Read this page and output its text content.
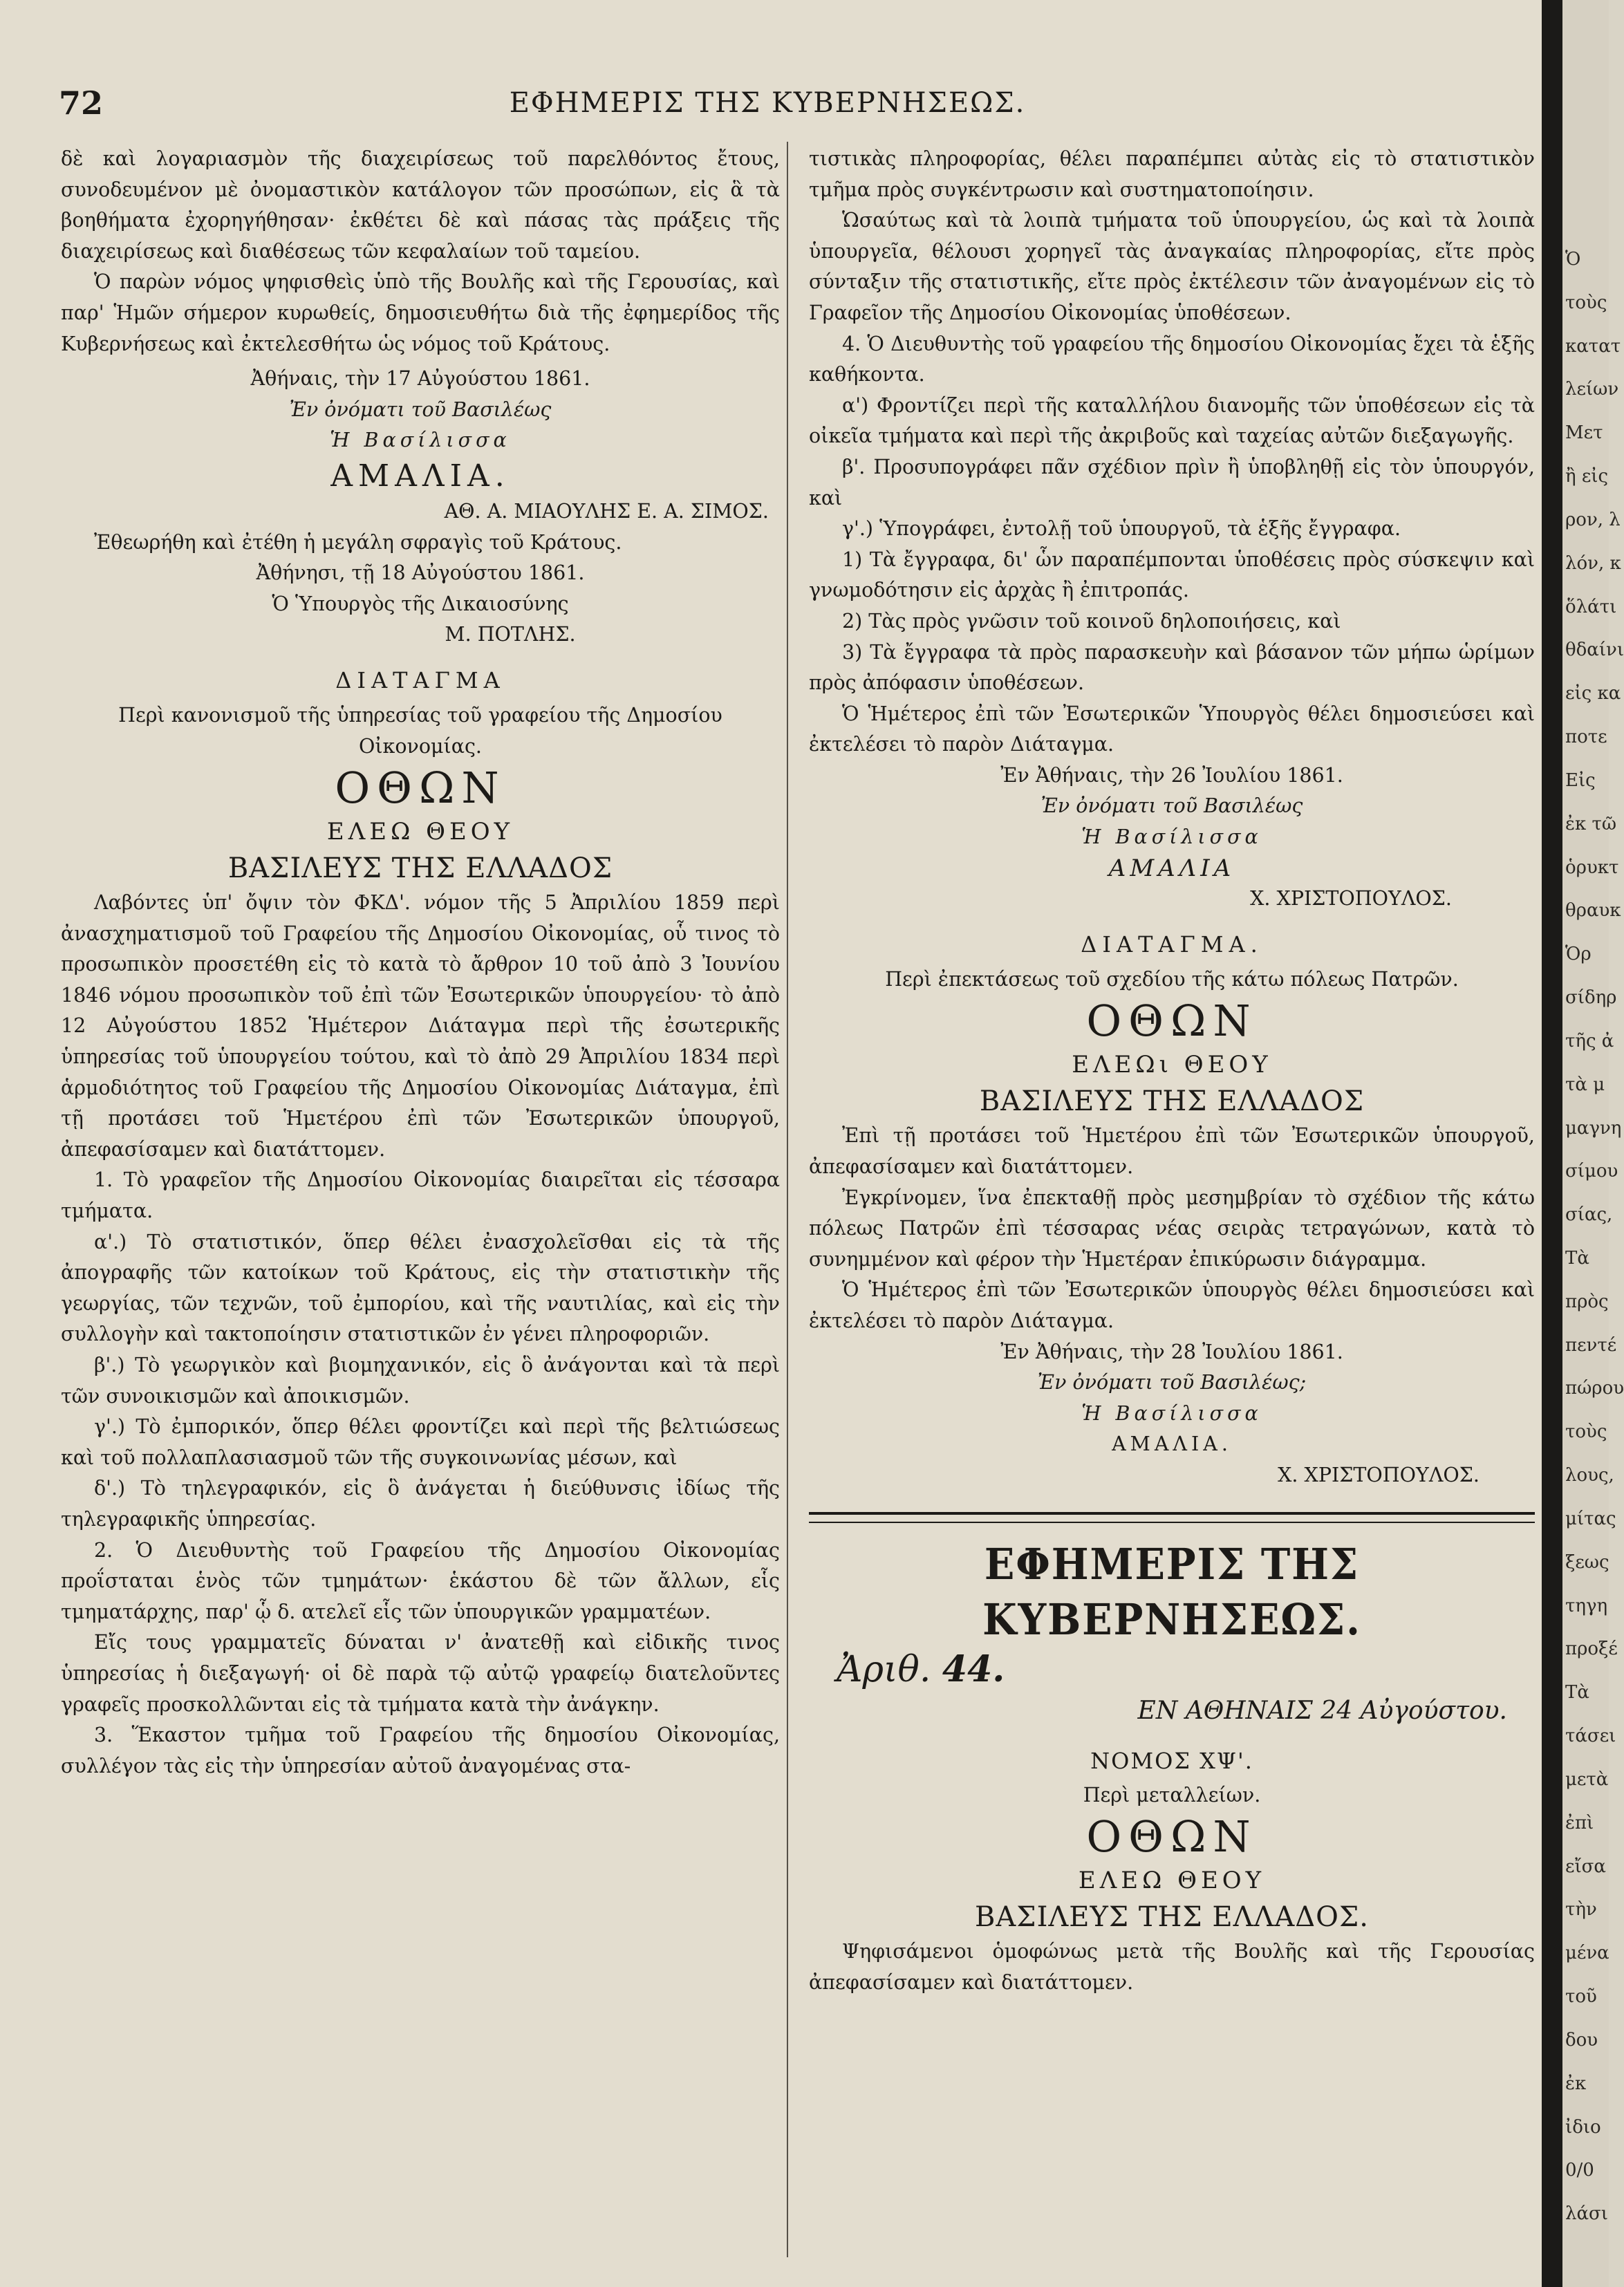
72	ΕΦΗΜΕΡΙΣ ΤΗΣ ΚΥΒΕΡΝΗΣΕΩΣ.

δὲ καὶ λογαριασμὸν τῆς διαχειρίσεως τοῦ παρελθόντος ἔτους, συνοδευμένον μὲ ὀνομαστικὸν κατάλογον τῶν προσώπων, εἰς ἃ τὰ βοηθήματα ἐχορηγήθησαν· ἐκθέτει δὲ καὶ πάσας τὰς πράξεις τῆς διαχειρίσεως καὶ διαθέσεως τῶν κεφαλαίων τοῦ ταμείου.

Ὁ παρὼν νόμος ψηφισθεὶς ὑπὸ τῆς Βουλῆς καὶ τῆς Γερουσίας, καὶ παρ' Ἡμῶν σήμερον κυρωθείς, δημοσιευθήτω διὰ τῆς ἐφημερίδος τῆς Κυβερνήσεως καὶ ἐκτελεσθήτω ὡς νόμος τοῦ Κράτους.

Ἀθήναις, τὴν 17 Αὐγούστου 1861.

Ἐν ὀνόματι τοῦ Βασιλέως

Ἡ Βασίλισσα

ΑΜΑΛΙΑ.

ΑΘ. Α. ΜΙΑΟΥΛΗΣ Ε. Α. ΣΙΜΟΣ.

Ἐθεωρήθη καὶ ἐτέθη ἡ μεγάλη σφραγὶς τοῦ Κράτους.

Ἀθήνησι, τῇ 18 Αὐγούστου 1861.

Ὁ Ὑπουργὸς τῆς Δικαιοσύνης

Μ. ΠΟΤΛΗΣ.

ΔΙΑΤΑΓΜΑ

Περὶ κανονισμοῦ τῆς ὑπηρεσίας τοῦ γραφείου τῆς Δημοσίου Οἰκονομίας.

ΟΘΩΝ

ΕΛΕΩ ΘΕΟΥ

ΒΑΣΙΛΕΥΣ ΤΗΣ ΕΛΛΑΔΟΣ

Λαβόντες ὑπ' ὄψιν τὸν ΦΚΔ'. νόμον τῆς 5 Ἀπριλίου 1859 περὶ ἀνασχηματισμοῦ τοῦ Γραφείου τῆς Δημοσίου Οἰκονομίας, οὗ τινος τὸ προσωπικὸν προσετέθη εἰς τὸ κατὰ τὸ ἄρθρον 10 τοῦ ἀπὸ 3 Ἰουνίου 1846 νόμου προσωπικὸν τοῦ ἐπὶ τῶν Ἐσωτερικῶν ὑπουργείου· τὸ ἀπὸ 12 Αὐγούστου 1852 Ἡμέτερον Διάταγμα περὶ τῆς ἐσωτερικῆς ὑπηρεσίας τοῦ ὑπουργείου τούτου, καὶ τὸ ἀπὸ 29 Ἀπριλίου 1834 περὶ ἁρμοδιότητος τοῦ Γραφείου τῆς Δημοσίου Οἰκονομίας Διάταγμα, ἐπὶ τῇ προτάσει τοῦ Ἡμετέρου ἐπὶ τῶν Ἐσωτερικῶν ὑπουργοῦ, ἀπεφασίσαμεν καὶ διατάττομεν.

1. Τὸ γραφεῖον τῆς Δημοσίου Οἰκονομίας διαιρεῖται εἰς τέσσαρα τμήματα.

α'.) Τὸ στατιστικόν, ὅπερ θέλει ἐνασχολεῖσθαι εἰς τὰ τῆς ἀπογραφῆς τῶν κατοίκων τοῦ Κράτους, εἰς τὴν στατιστικὴν τῆς γεωργίας, τῶν τεχνῶν, τοῦ ἐμπορίου, καὶ τῆς ναυτιλίας, καὶ εἰς τὴν συλλογὴν καὶ τακτοποίησιν στατιστικῶν ἐν γένει πληροφοριῶν.

β'.) Τὸ γεωργικὸν καὶ βιομηχανικόν, εἰς ὃ ἀνάγονται καὶ τὰ περὶ τῶν συνοικισμῶν καὶ ἀποικισμῶν.

γ'.) Τὸ ἐμπορικόν, ὅπερ θέλει φροντίζει καὶ περὶ τῆς βελτιώσεως καὶ τοῦ πολλαπλασιασμοῦ τῶν τῆς συγκοινωνίας μέσων, καὶ

δ'.) Τὸ τηλεγραφικόν, εἰς ὃ ἀνάγεται ἡ διεύθυνσις ἰδίως τῆς τηλεγραφικῆς ὑπηρεσίας.

2. Ὁ Διευθυντὴς τοῦ Γραφείου τῆς Δημοσίου Οἰκονομίας προΐσταται ἑνὸς τῶν τμημάτων· ἑκάστου δὲ τῶν ἄλλων, εἷς τμηματάρχης, παρ' ᾧ δ. ατελεῖ εἷς τῶν ὑπουργικῶν γραμματέων.

Εἴς τους γραμματεῖς δύναται ν' ἀνατεθῇ καὶ εἰδικῆς τινος ὑπηρεσίας ἡ διεξαγωγή· οἱ δὲ παρὰ τῷ αὐτῷ γραφείῳ διατελοῦντες γραφεῖς προσκολλῶνται εἰς τὰ τμήματα κατὰ τὴν ἀνάγκην.

3. Ἕκαστον τμῆμα τοῦ Γραφείου τῆς δημοσίου Οἰκονομίας, συλλέγον τὰς εἰς τὴν ὑπηρεσίαν αὐτοῦ ἀναγομένας στα-

τιστικὰς πληροφορίας, θέλει παραπέμπει αὐτὰς εἰς τὸ στατιστικὸν τμῆμα πρὸς συγκέντρωσιν καὶ συστηματοποίησιν.

Ὡσαύτως καὶ τὰ λοιπὰ τμήματα τοῦ ὑπουργείου, ὡς καὶ τὰ λοιπὰ ὑπουργεῖα, θέλουσι χορηγεῖ τὰς ἀναγκαίας πληροφορίας, εἴτε πρὸς σύνταξιν τῆς στατιστικῆς, εἴτε πρὸς ἐκτέλεσιν τῶν ἀναγομένων εἰς τὸ Γραφεῖον τῆς Δημοσίου Οἰκονομίας ὑποθέσεων.

4. Ὁ Διευθυντὴς τοῦ γραφείου τῆς δημοσίου Οἰκονομίας ἔχει τὰ ἑξῆς καθήκοντα.

α') Φροντίζει περὶ τῆς καταλλήλου διανομῆς τῶν ὑποθέσεων εἰς τὰ οἰκεῖα τμήματα καὶ περὶ τῆς ἀκριβοῦς καὶ ταχείας αὐτῶν διεξαγωγῆς.

β'. Προσυπογράφει πᾶν σχέδιον πρὶν ἢ ὑποβληθῇ εἰς τὸν ὑπουργόν, καὶ

γ'.) Ὑπογράφει, ἐντολῇ τοῦ ὑπουργοῦ, τὰ ἑξῆς ἔγγραφα.

1) Τὰ ἔγγραφα, δι' ὧν παραπέμπονται ὑποθέσεις πρὸς σύσκεψιν καὶ γνωμοδότησιν εἰς ἀρχὰς ἢ ἐπιτροπάς.

2) Τὰς πρὸς γνῶσιν τοῦ κοινοῦ δηλοποιήσεις, καὶ

3) Τὰ ἔγγραφα τὰ πρὸς παρασκευὴν καὶ βάσανον τῶν μήπω ὡρίμων πρὸς ἀπόφασιν ὑποθέσεων.

Ὁ Ἡμέτερος ἐπὶ τῶν Ἐσωτερικῶν Ὑπουργὸς θέλει δημοσιεύσει καὶ ἐκτελέσει τὸ παρὸν Διάταγμα.

Ἐν Ἀθήναις, τὴν 26 Ἰουλίου 1861.

Ἐν ὀνόματι τοῦ Βασιλέως

Ἡ Βασίλισσα

ΑΜΑΛΙΑ

Χ. ΧΡΙΣΤΟΠΟΥΛΟΣ.

ΔΙΑΤΑΓΜΑ.

Περὶ ἐπεκτάσεως τοῦ σχεδίου τῆς κάτω πόλεως Πατρῶν.

ΟΘΩΝ

ΕΛΕΩι ΘΕΟΥ

ΒΑΣΙΛΕΥΣ ΤΗΣ ΕΛΛΑΔΟΣ

Ἐπὶ τῇ προτάσει τοῦ Ἡμετέρου ἐπὶ τῶν Ἐσωτερικῶν ὑπουργοῦ, ἀπεφασίσαμεν καὶ διατάττομεν.

Ἐγκρίνομεν, ἵνα ἐπεκταθῇ πρὸς μεσημβρίαν τὸ σχέδιον τῆς κάτω πόλεως Πατρῶν ἐπὶ τέσσαρας νέας σειρὰς τετραγώνων, κατὰ τὸ συνημμένον καὶ φέρον τὴν Ἡμετέραν ἐπικύρωσιν διάγραμμα.

Ὁ Ἡμέτερος ἐπὶ τῶν Ἐσωτερικῶν ὑπουργὸς θέλει δημοσιεύσει καὶ ἐκτελέσει τὸ παρὸν Διάταγμα.

Ἐν Ἀθήναις, τὴν 28 Ἰουλίου 1861.

Ἐν ὀνόματι τοῦ Βασιλέως;

Ἡ Βασίλισσα

ΑΜΑΛΙΑ.

Χ. ΧΡΙΣΤΟΠΟΥΛΟΣ.

ΕΦΗΜΕΡΙΣ ΤΗΣ ΚΥΒΕΡΝΗΣΕΩΣ.

Ἀριθ. 44.

ΕΝ ΑΘΗΝΑΙΣ 24 Αὐγούστου.

ΝΟΜΟΣ ΧΨ'.

Περὶ μεταλλείων.

ΟΘΩΝ

ΕΛΕΩ ΘΕΟΥ

ΒΑΣΙΛΕΥΣ ΤΗΣ ΕΛΛΑΔΟΣ.

Ψηφισάμενοι ὁμοφώνως μετὰ τῆς Βουλῆς καὶ τῆς Γερουσίας ἀπεφασίσαμεν καὶ διατάττομεν.

Ὁ
τοὺς
κατατ
λείων
Μετ
ἢ εἰς
ρον, λ
λόν, κ
ὅλάτι
θδαίνι
εἰς κα
ποτε
Εἰς
ἐκ τῶ
ὁρυκτ
θραυκ
Ὁρ
σίδηρ
τῆς ἀ
τὰ μ
μαγνη
σίμου
σίας,
Τὰ
πρὸς
πεντέ
πώρου
τοὺς
λους,
μίτας
ξεως
τηγη
προξέ
Τὰ
τάσει
μετὰ
ἐπὶ
εἴσα
τὴν
μένα
τοῦ
δου
ἐκ
ἰδιο
0/0
λάσι
